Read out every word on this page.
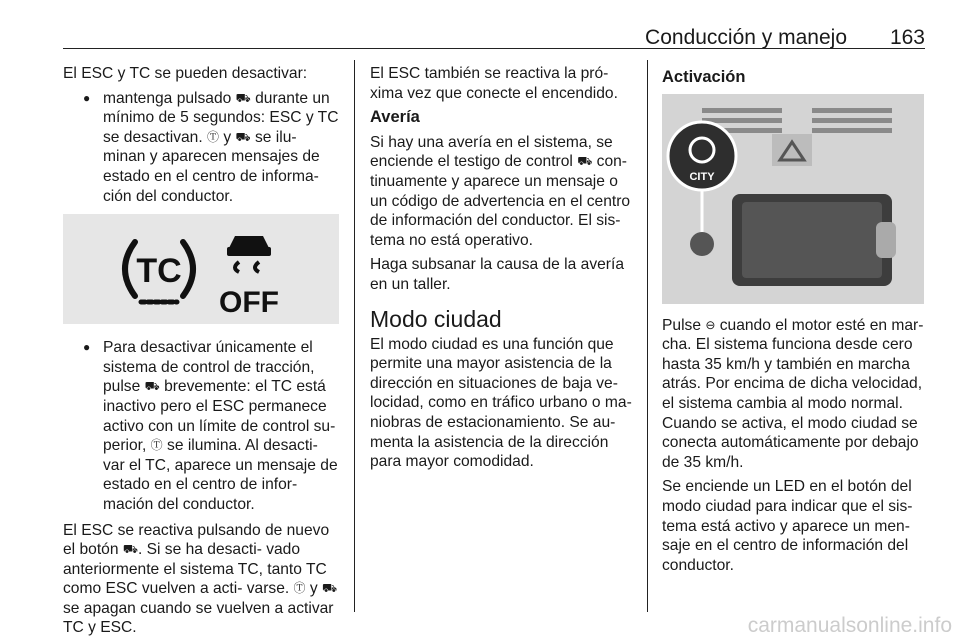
Conducción y manejo 163

El ESC y TC se pueden desactivar:

● mantenga pulsado ⛟ durante un mínimo de 5 segundos: ESC y TC se desactivan. Ⓣ y ⛟ se ilu- minan y aparecen mensajes de estado en el centro de informa- ción del conductor.
TC
OFF
● Para desactivar únicamente el sistema de control de tracción, pulse ⛟ brevemente: el TC está inactivo pero el ESC permanece activo con un límite de control su- perior, Ⓣ se ilumina. Al desacti- var el TC, aparece un mensaje de estado en el centro de infor- mación del conductor.

El ESC se reactiva pulsando de nuevo el botón ⛟. Si se ha desacti- vado anteriormente el sistema TC, tanto TC como ESC vuelven a acti- varse. Ⓣ y ⛟ se apagan cuando se vuelven a activar TC y ESC.

El ESC también se reactiva la pró- xima vez que conecte el encendido.

Avería

Si hay una avería en el sistema, se enciende el testigo de control ⛟ con- tinuamente y aparece un mensaje o un código de advertencia en el centro de información del conductor. El sis- tema no está operativo.

Haga subsanar la causa de la avería en un taller.

Modo ciudad

El modo ciudad es una función que permite una mayor asistencia de la dirección en situaciones de baja ve- locidad, como en tráfico urbano o ma- niobras de estacionamiento. Se au- menta la asistencia de la dirección para mayor comodidad.

Activación
CITY

Pulse ⊖ cuando el motor esté en mar- cha. El sistema funciona desde cero hasta 35 km/h y también en marcha atrás. Por encima de dicha velocidad, el sistema cambia al modo normal. Cuando se activa, el modo ciudad se conecta automáticamente por debajo de 35 km/h.

Se enciende un LED en el botón del modo ciudad para indicar que el sis- tema está activo y aparece un men- saje en el centro de información del conductor.

carmanualsonline.info
